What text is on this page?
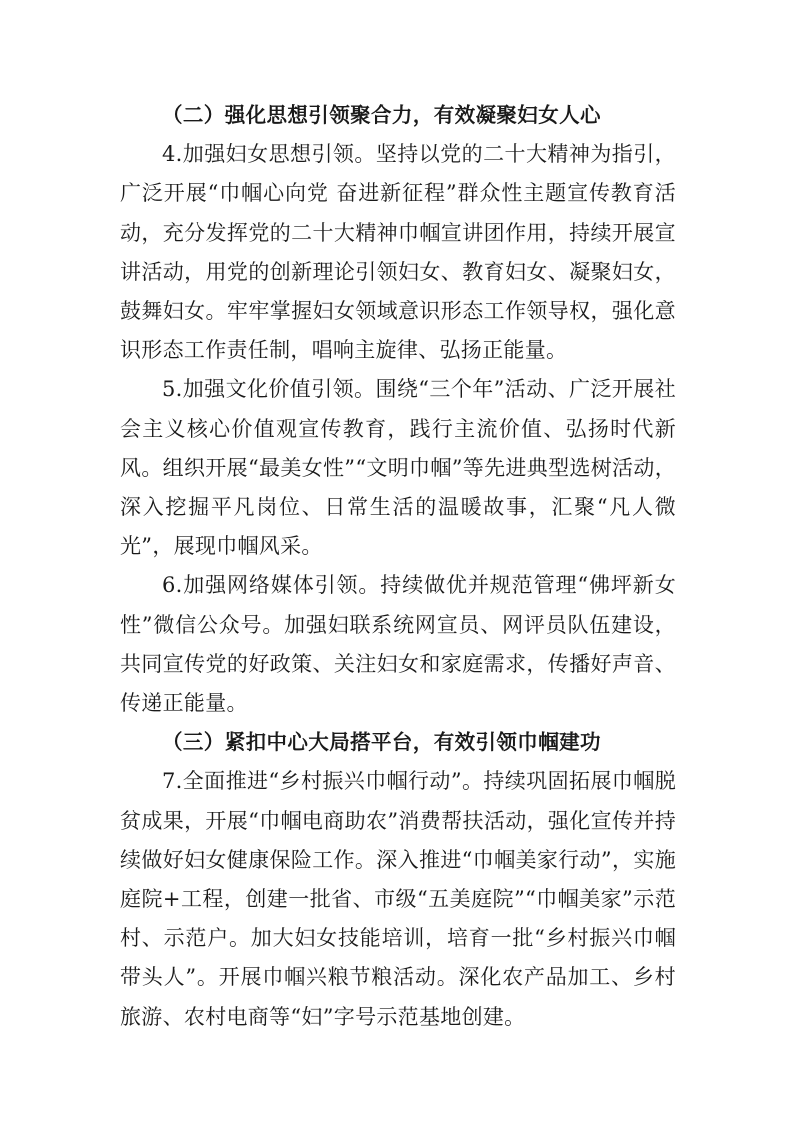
（二）强化思想引领聚合力，有效凝聚妇女人心

4.加强妇女思想引领。坚持以党的二十大精神为指引，广泛开展“巾帼心向党 奋进新征程”群众性主题宣传教育活动，充分发挥党的二十大精神巾帼宣讲团作用，持续开展宣讲活动，用党的创新理论引领妇女、教育妇女、凝聚妇女，鼓舞妇女。牢牢掌握妇女领域意识形态工作领导权，强化意识形态工作责任制，唱响主旋律、弘扬正能量。

5.加强文化价值引领。围绕“三个年”活动、广泛开展社会主义核心价值观宣传教育，践行主流价值、弘扬时代新风。组织开展“最美女性”“文明巾帼”等先进典型选树活动，深入挖掘平凡岗位、日常生活的温暖故事，汇聚“凡人微光”，展现巾帼风采。

6.加强网络媒体引领。持续做优并规范管理“佛坪新女性”微信公众号。加强妇联系统网宣员、网评员队伍建设，共同宣传党的好政策、关注妇女和家庭需求，传播好声音、传递正能量。

（三）紧扣中心大局搭平台，有效引领巾帼建功

7.全面推进“乡村振兴巾帼行动”。持续巩固拓展巾帼脱贫成果，开展“巾帼电商助农”消费帮扶活动，强化宣传并持续做好妇女健康保险工作。深入推进“巾帼美家行动”，实施庭院+工程，创建一批省、市级“五美庭院”“巾帼美家”示范村、示范户。加大妇女技能培训，培育一批“乡村振兴巾帼带头人”。开展巾帼兴粮节粮活动。深化农产品加工、乡村旅游、农村电商等“妇”字号示范基地创建。
